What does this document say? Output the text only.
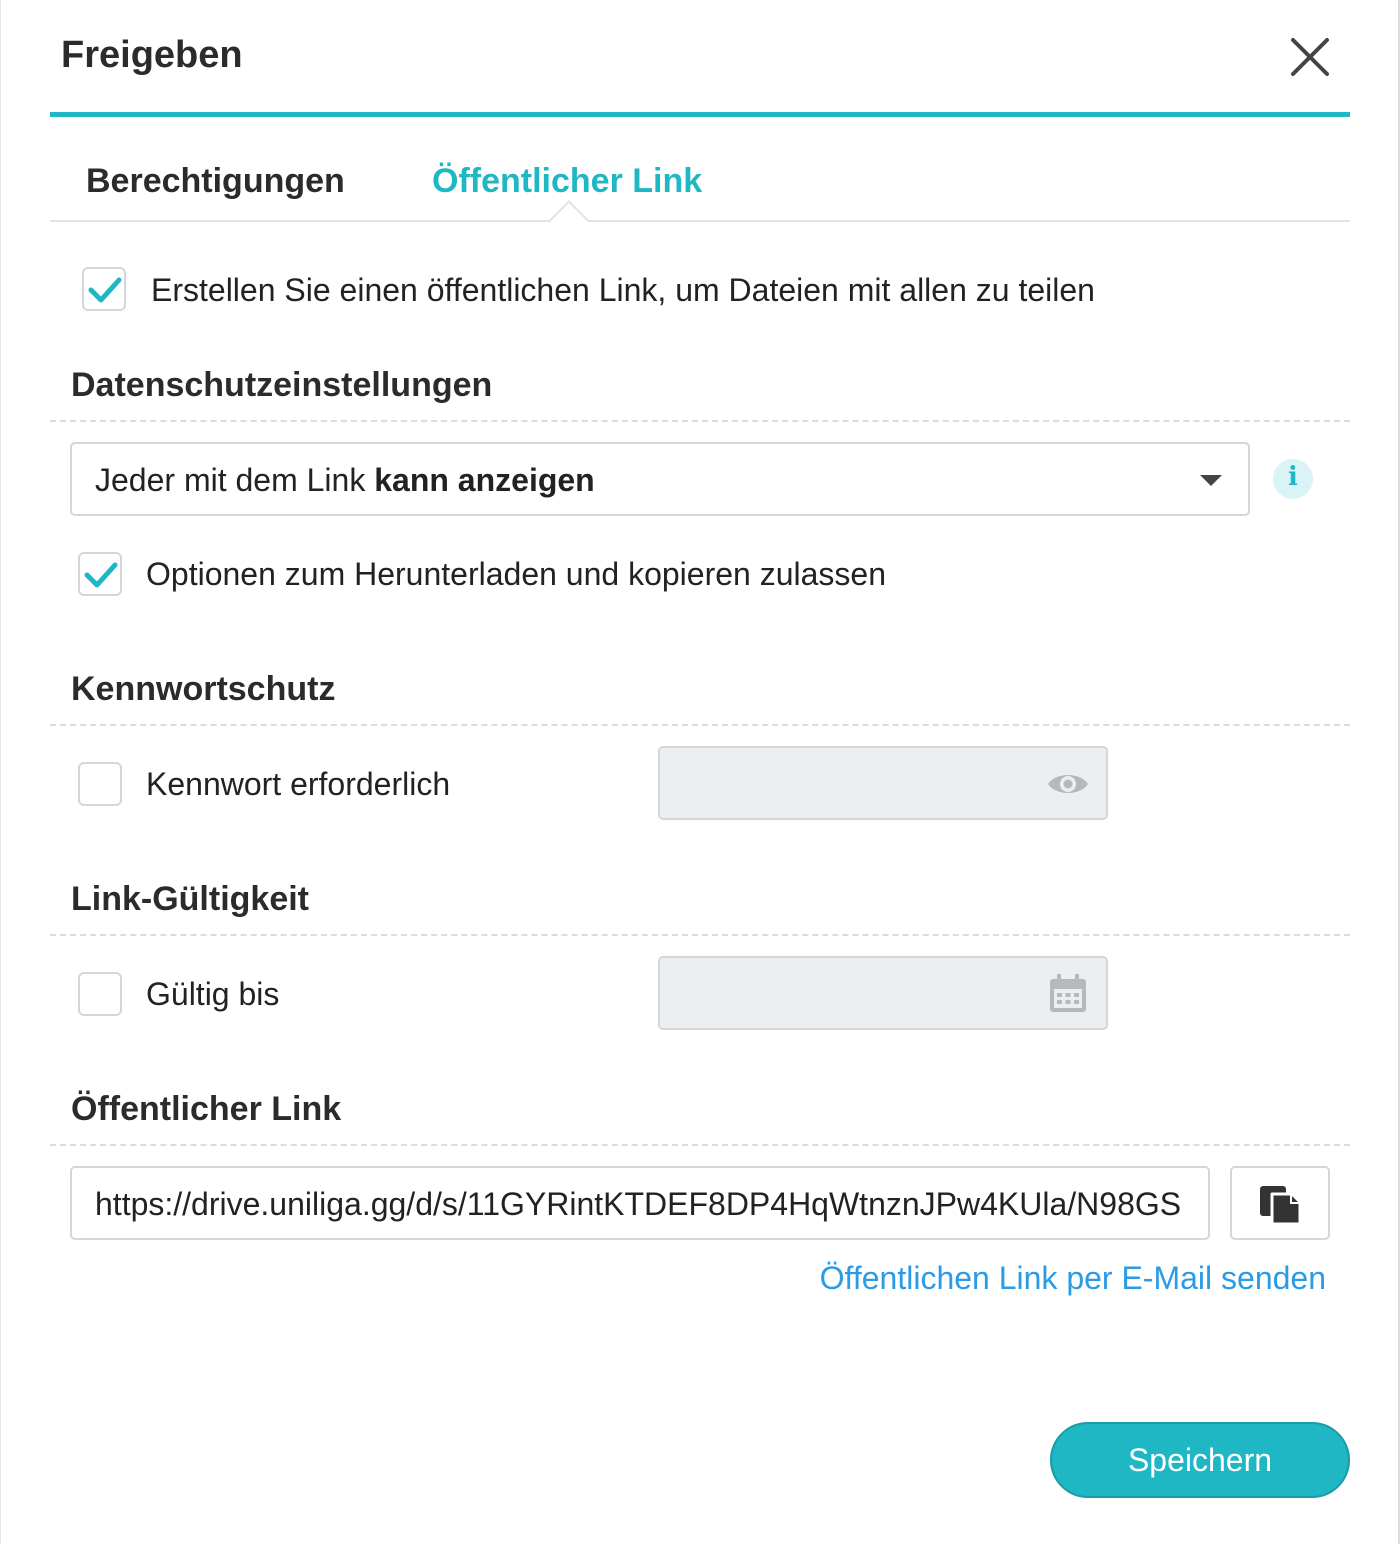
Freigeben
Berechtigungen	Öffentlicher Link
Erstellen Sie einen öffentlichen Link, um Dateien mit allen zu teilen
Datenschutzeinstellungen
Jeder mit dem Link kann anzeigen	i
Optionen zum Herunterladen und kopieren zulassen
Kennwortschutz
Kennwort erforderlich
Link-Gültigkeit
Gültig bis
Öffentlicher Link
https://drive.uniliga.gg/d/s/11GYRintKTDEF8DP4HqWtnznJPw4KUla/N98GS
Öffentlichen Link per E-Mail senden
Speichern
